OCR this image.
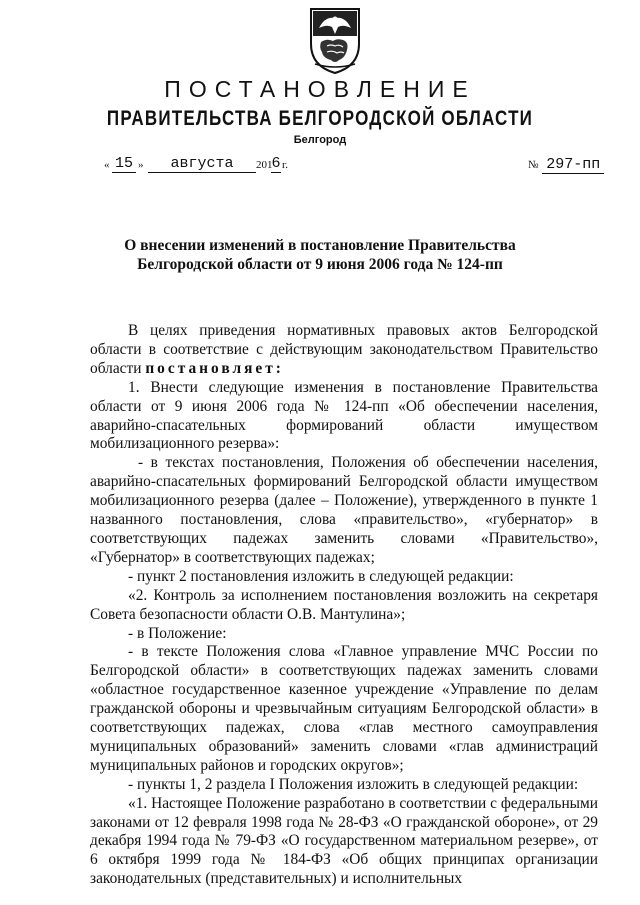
ПОСТАНОВЛЕНИЕ
ПРАВИТЕЛЬСТВА БЕЛГОРОДСКОЙ ОБЛАСТИ
Белгород
« 15 »	августа	201
6 г.	№ 297-пп
О внесении изменений в постановление Правительства
Белгородской области от 9 июня 2006 года № 124-пп

В целях приведения нормативных правовых актов Белгородской области в соответствие с действующим законодательством Правительство области постановляет:

1. Внести следующие изменения в постановление Правительства области от 9 июня 2006 года № 124-пп «Об обеспечении населения, аварийно-спасательных формирований области имуществом мобилизационного резерва»:

- в текстах постановления, Положения об обеспечении населения, аварийно-спасательных формирований Белгородской области имуществом мобилизационного резерва (далее – Положение), утвержденного в пункте 1 названного постановления, слова «правительство», «губернатор» в соответствующих падежах заменить словами «Правительство», «Губернатор» в соответствующих падежах;

- пункт 2 постановления изложить в следующей редакции:

«2. Контроль за исполнением постановления возложить на секретаря Совета безопасности области О.В. Мантулина»;

- в Положение:

- в тексте Положения слова «Главное управление МЧС России по Белгородской области» в соответствующих падежах заменить словами «областное государственное казенное учреждение «Управление по делам гражданской обороны и чрезвычайным ситуациям Белгородской области» в соответствующих падежах, слова «глав местного самоуправления муниципальных образований» заменить словами «глав администраций муниципальных районов и городских округов»;

- пункты 1, 2 раздела I Положения изложить в следующей редакции:

«1. Настоящее Положение разработано в соответствии с федеральными законами от 12 февраля 1998 года № 28-ФЗ «О гражданской обороне», от 29 декабря 1994 года № 79-ФЗ «О государственном материальном резерве», от 6 октября 1999 года № 184-ФЗ «Об общих принципах организации законодательных (представительных) и исполнительных
